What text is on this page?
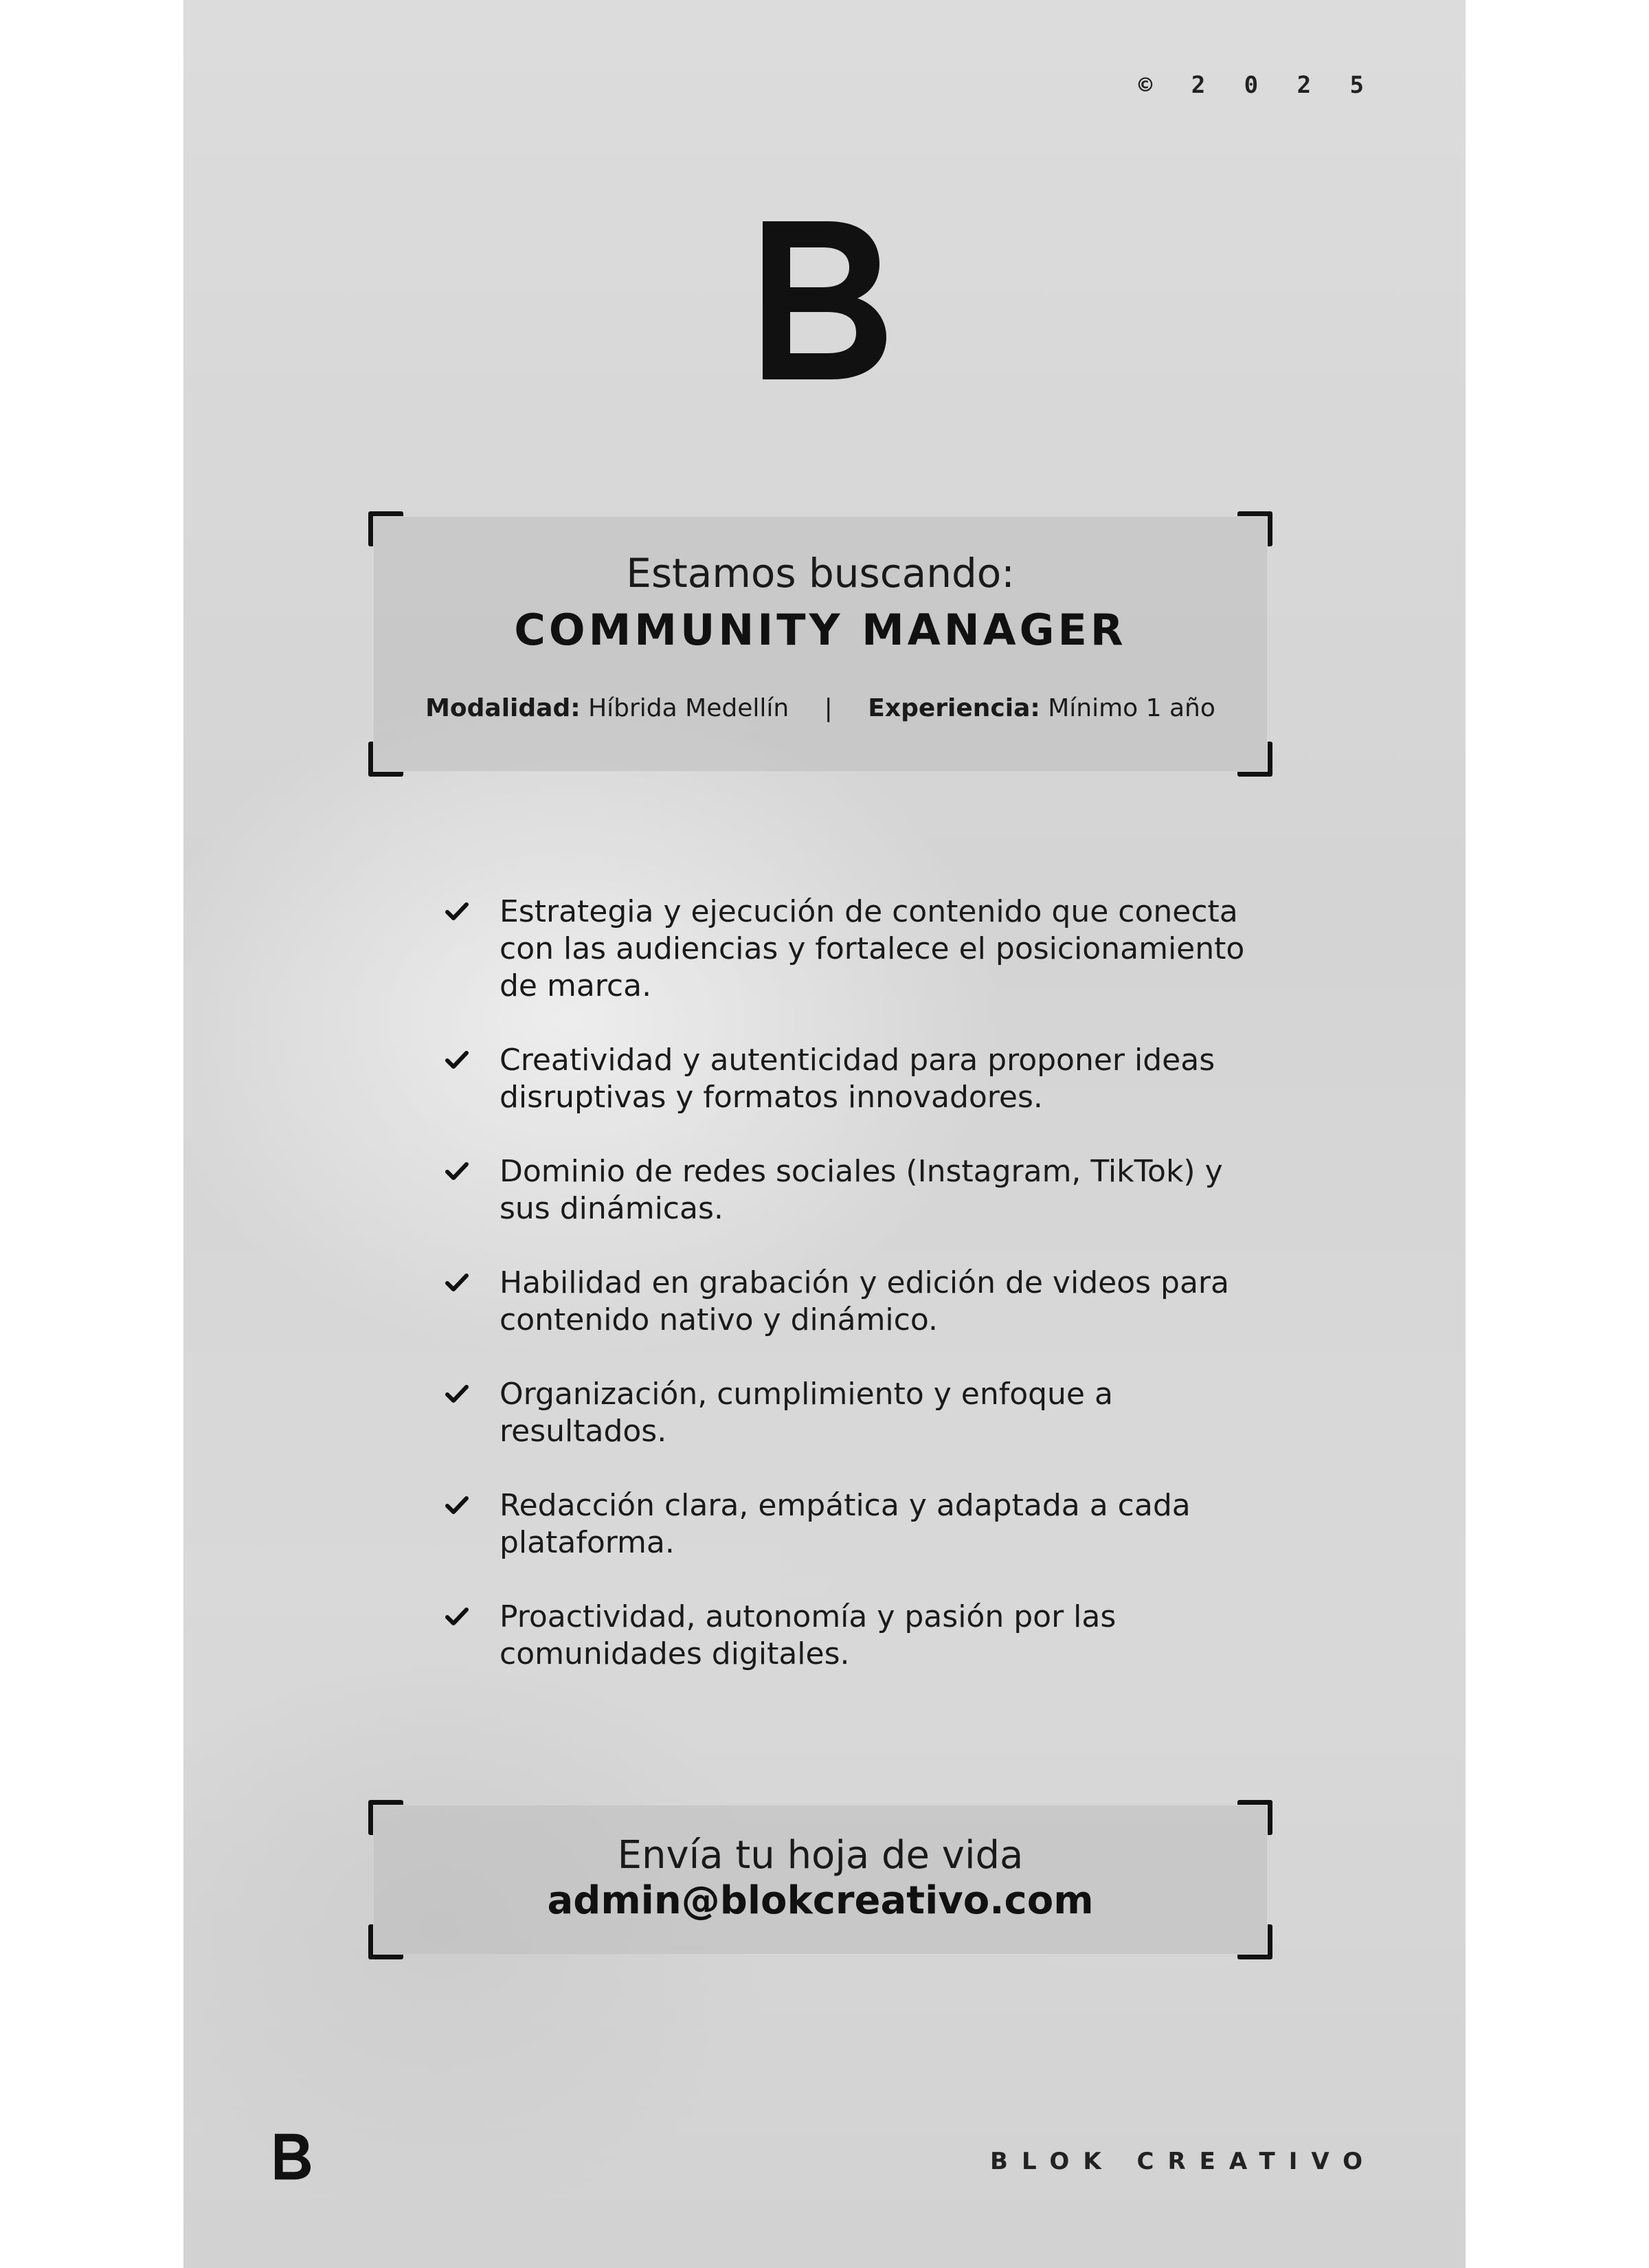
© 2 0 2 5
Estamos buscando:
COMMUNITY MANAGER
Modalidad: Híbrida Medellín | Experiencia: Mínimo 1 año
Estrategia y ejecución de contenido que conecta con las audiencias y fortalece el posicionamiento de marca.
Creatividad y autenticidad para proponer ideas disruptivas y formatos innovadores.
Dominio de redes sociales (Instagram, TikTok) y sus dinámicas.
Habilidad en grabación y edición de videos para contenido nativo y dinámico.
Organización, cumplimiento y enfoque a resultados.
Redacción clara, empática y adaptada a cada plataforma.
Proactividad, autonomía y pasión por las comunidades digitales.
Envía tu hoja de vida
admin@blokcreativo.com
BLOK CREATIVO
